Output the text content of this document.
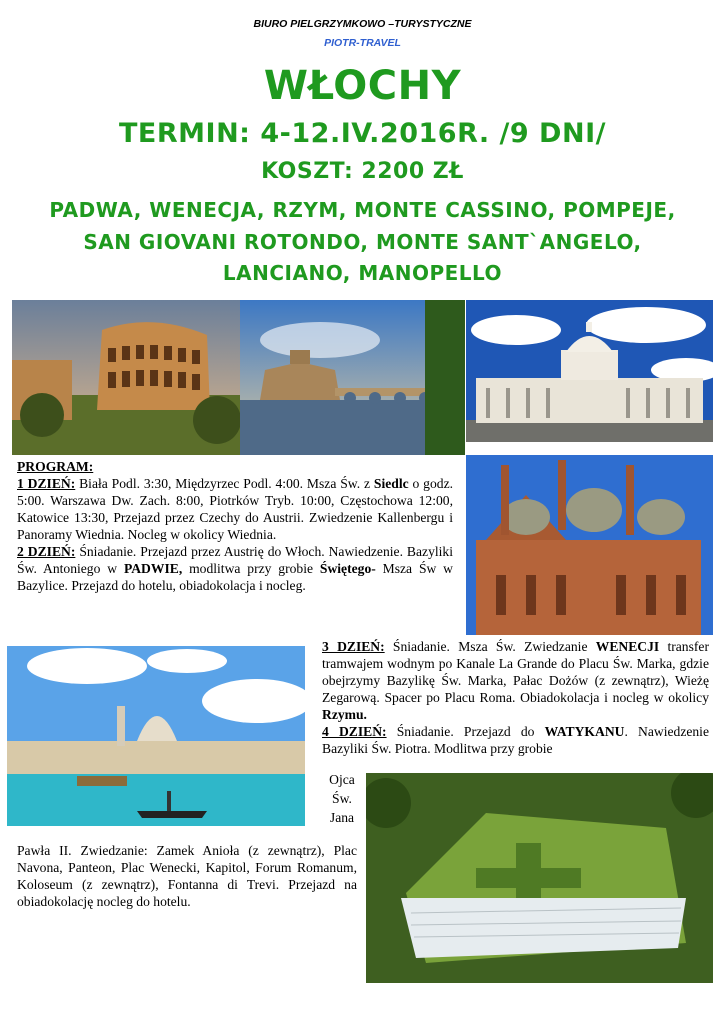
BIURO PIELGRZYMKOWO –TURYSTYCZNE
PIOTR-TRAVEL
WŁOCHY
TERMIN: 4-12.IV.2016R. /9 DNI/
KOSZT: 2200 ZŁ
PADWA, WENECJA, RZYM, MONTE CASSINO, POMPEJE,
SAN GIOVANI ROTONDO, MONTE SANT`ANGELO,
LANCIANO, MANOPELLO
PROGRAM:
1 DZIEŃ: Biała Podl. 3:30, Międzyrzec Podl. 4:00. Msza Św. z Siedlc o godz. 5:00. Warszawa Dw. Zach. 8:00, Piotrków Tryb. 10:00, Częstochowa 12:00, Katowice 13:30, Przejazd przez Czechy do Austrii. Zwiedzenie Kallenbergu i Panoramy Wiednia. Nocleg w okolicy Wiednia.
2 DZIEŃ: Śniadanie. Przejazd przez Austrię do Włoch. Nawiedzenie. Bazyliki Św. Antoniego w PADWIE, modlitwa przy grobie Świętego- Msza Św w Bazylice. Przejazd do hotelu, obiadokolacja i nocleg.
3 DZIEŃ: Śniadanie. Msza Św. Zwiedzanie WENECJI transfer tramwajem wodnym po Kanale La Grande do Placu Św. Marka, gdzie obejrzymy Bazylikę Św. Marka, Pałac Dożów (z zewnątrz), Wieżę Zegarową. Spacer po Placu Roma. Obiadokolacja i nocleg w okolicy Rzymu.
4 DZIEŃ: Śniadanie. Przejazd do WATYKANU. Nawiedzenie Bazyliki Św. Piotra. Modlitwa przy grobie
Ojca
Św.
Jana
Pawła II. Zwiedzanie: Zamek Anioła (z zewnątrz), Plac Navona, Panteon, Plac Wenecki, Kapitol, Forum Romanum, Koloseum (z zewnątrz), Fontanna di Trevi. Przejazd na obiadokolację nocleg do hotelu.
